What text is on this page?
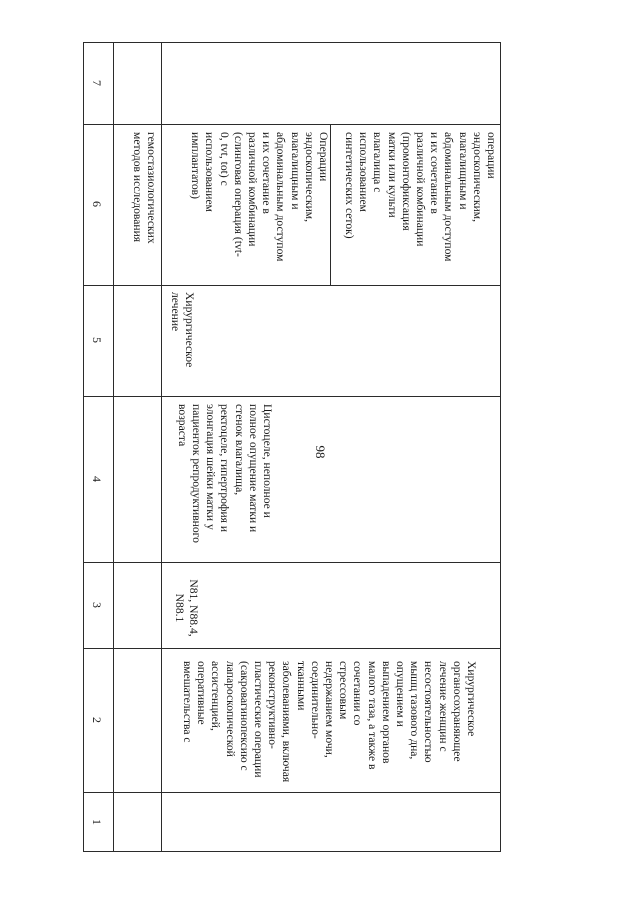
98
1
2
3
4
5
6
7
гемостазиологических
методов исследования
Хирургическое
органосохраняющее
лечение женщин с
несостоятельностью
мышц тазового дна,
опущением и
выпадением органов
малого таза, а также в
сочетании со
стрессовым
недержанием мочи,
соединительно-
тканными
заболеваниями, включая
реконструктивно-
пластические операции
(сакровагинопексию с
лапароскопической
ассистенцией,
оперативные
вмешательства с
N81, N88.4,
N88.1
Цистоцеле, неполное и
полное опущение матки и
стенок влагалища,
ректоцеле, гипертрофия и
элонгация шейки матки у
пациенток репродуктивного
возраста
Хирургическое
лечение
Операции
эндоскопическим,
влагалищным и
абдоминальным доступом
и их сочетание в
различной комбинации
(слинговая операция (tvt-
0, tvt, tot) с
использованием
имплантатов)	операции
эндоскопическим,
влагалищным и
абдоминальным доступом
и их сочетание в
различной комбинации
(промонтофиксация
матки или культи
влагалища с
использованием
синтетических сеток)
